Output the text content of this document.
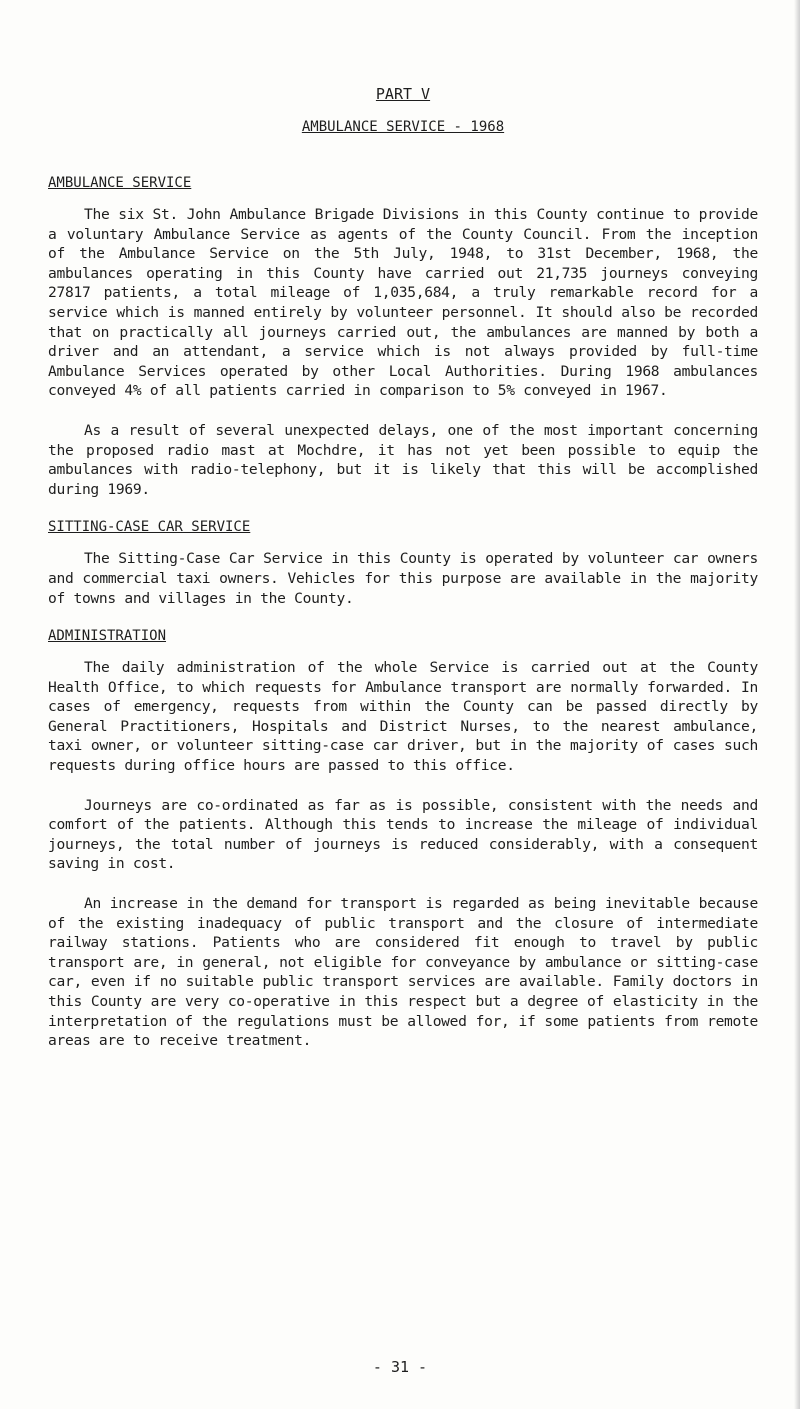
PART V
AMBULANCE SERVICE - 1968
AMBULANCE SERVICE

The six St. John Ambulance Brigade Divisions in this County continue to provide a voluntary Ambulance Service as agents of the County Council. From the inception of the Ambulance Service on the 5th July, 1948, to 31st December, 1968, the ambulances operating in this County have carried out 21,735 journeys conveying 27817 patients, a total mileage of 1,035,684, a truly remarkable record for a service which is manned entirely by volunteer personnel. It should also be recorded that on practically all journeys carried out, the ambulances are manned by both a driver and an attendant, a service which is not always provided by full-time Ambulance Services operated by other Local Authorities. During 1968 ambulances conveyed 4% of all patients carried in comparison to 5% conveyed in 1967.

As a result of several unexpected delays, one of the most important concerning the proposed radio mast at Mochdre, it has not yet been possible to equip the ambulances with radio-telephony, but it is likely that this will be accomplished during 1969.

SITTING-CASE CAR SERVICE

The Sitting-Case Car Service in this County is operated by volunteer car owners and commercial taxi owners. Vehicles for this purpose are available in the majority of towns and villages in the County.

ADMINISTRATION

The daily administration of the whole Service is carried out at the County Health Office, to which requests for Ambulance transport are normally forwarded. In cases of emergency, requests from within the County can be passed directly by General Practitioners, Hospitals and District Nurses, to the nearest ambulance, taxi owner, or volunteer sitting-case car driver, but in the majority of cases such requests during office hours are passed to this office.

Journeys are co-ordinated as far as is possible, consistent with the needs and comfort of the patients. Although this tends to increase the mileage of individual journeys, the total number of journeys is reduced considerably, with a consequent saving in cost.

An increase in the demand for transport is regarded as being inevitable because of the existing inadequacy of public transport and the closure of intermediate railway stations. Patients who are considered fit enough to travel by public transport are, in general, not eligible for conveyance by ambulance or sitting-case car, even if no suitable public transport services are available. Family doctors in this County are very co-operative in this respect but a degree of elasticity in the interpretation of the regulations must be allowed for, if some patients from remote areas are to receive treatment.

- 31 -
